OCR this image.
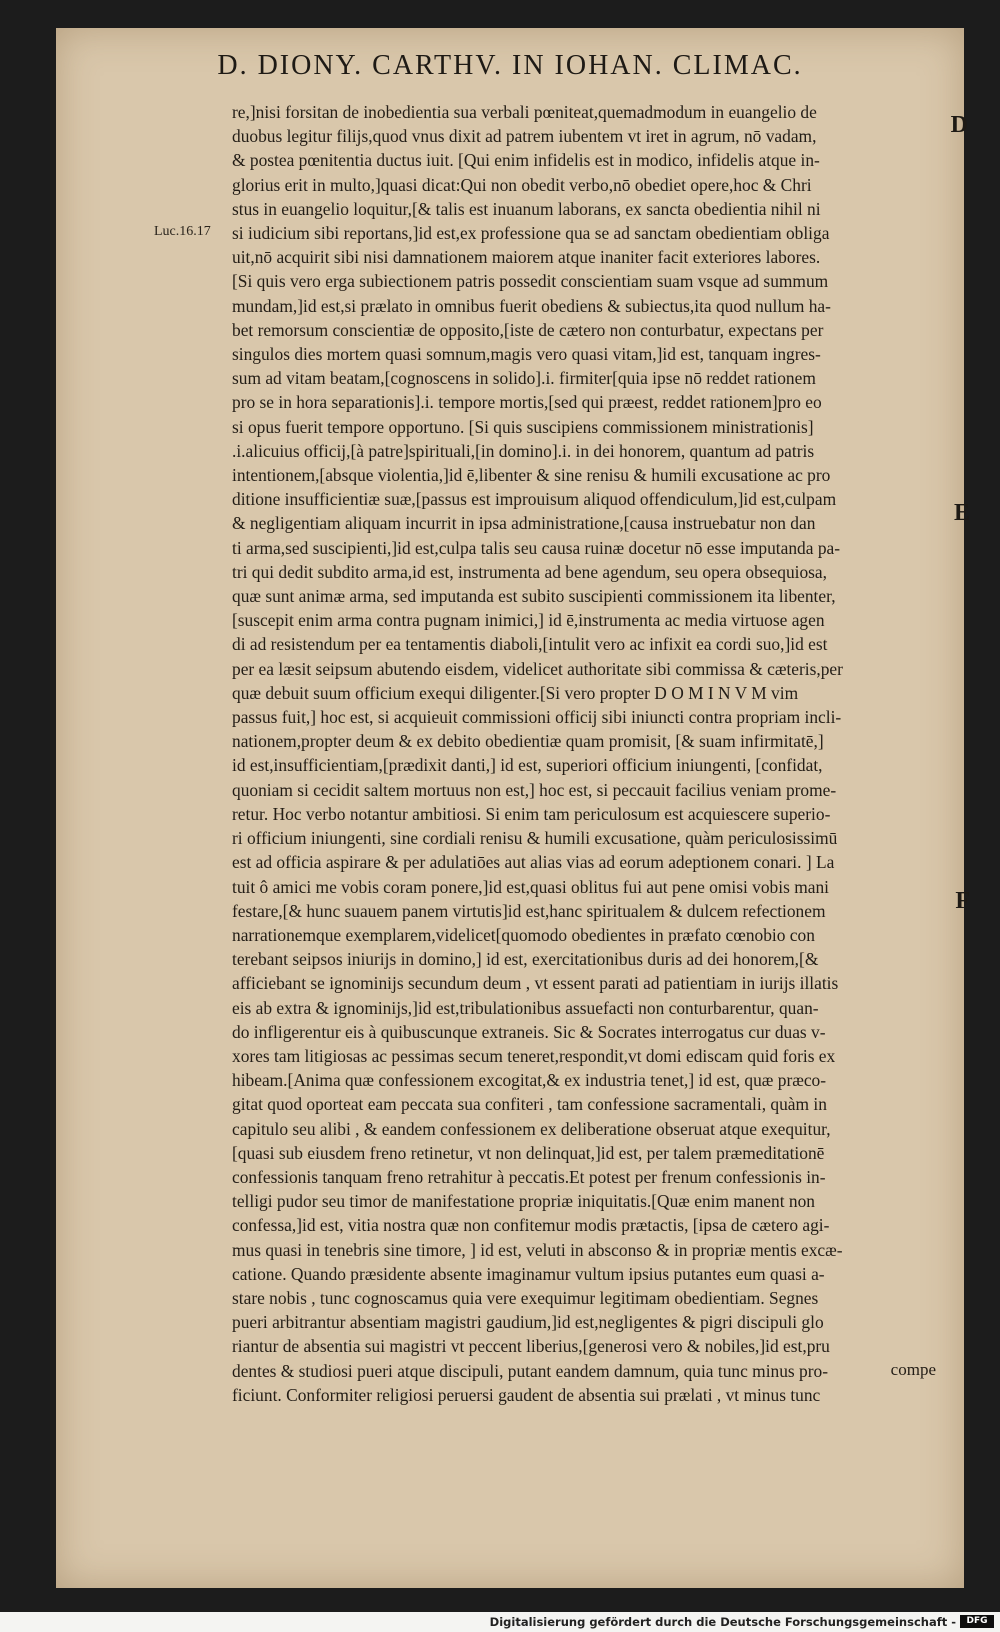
D. DIONY. CARTHV. IN IOHAN. CLIMAC.
Luc.16.17
re,]nisi forsitan de inobedientia sua verbali pœniteat,quemadmodum in euangelio de
duobus legitur filijs,quod vnus dixit ad patrem iubentem vt iret in agrum, nō vadam,
& postea pœnitentia ductus iuit. [Qui enim infidelis est in modico, infidelis atque in-
glorius erit in multo,]quasi dicat:Qui non obedit verbo,nō obediet opere,hoc & Chri
stus in euangelio loquitur,[& talis est inuanum laborans, ex sancta obedientia nihil ni
si iudicium sibi reportans,]id est,ex professione qua se ad sanctam obedientiam obliga
uit,nō acquirit sibi nisi damnationem maiorem atque inaniter facit exteriores labores.
[Si quis vero erga subiectionem patris possedit conscientiam suam vsque ad summum
mundam,]id est,si prælato in omnibus fuerit obediens & subiectus,ita quod nullum ha-
bet remorsum conscientiæ de opposito,[iste de cætero non conturbatur, expectans per
singulos dies mortem quasi somnum,magis vero quasi vitam,]id est, tanquam ingres-
sum ad vitam beatam,[cognoscens in solido].i. firmiter[quia ipse nō reddet rationem
pro se in hora separationis].i. tempore mortis,[sed qui præest, reddet rationem]pro eo
si opus fuerit tempore opportuno. [Si quis suscipiens commissionem ministrationis]
.i.alicuius officij,[à patre]spirituali,[in domino].i. in dei honorem, quantum ad patris
intentionem,[absque violentia,]id ē,libenter & sine renisu & humili excusatione ac pro
ditione insufficientiæ suæ,[passus est improuisum aliquod offendiculum,]id est,culpam
& negligentiam aliquam incurrit in ipsa administratione,[causa instruebatur non dan
ti arma,sed suscipienti,]id est,culpa talis seu causa ruinæ docetur nō esse imputanda pa-
tri qui dedit subdito arma,id est, instrumenta ad bene agendum, seu opera obsequiosa,
quæ sunt animæ arma, sed imputanda est subito suscipienti commissionem ita libenter,
[suscepit enim arma contra pugnam inimici,] id ē,instrumenta ac media virtuose agen
di ad resistendum per ea tentamentis diaboli,[intulit vero ac infixit ea cordi suo,]id est
per ea læsit seipsum abutendo eisdem, videlicet authoritate sibi commissa & cæteris,per
quæ debuit suum officium exequi diligenter.[Si vero propter D O M I N V M vim
passus fuit,] hoc est, si acquieuit commissioni officij sibi iniuncti contra propriam incli-
nationem,propter deum & ex debito obedientiæ quam promisit, [& suam infirmitatē,]
id est,insufficientiam,[prædixit danti,] id est, superiori officium iniungenti, [confidat,
quoniam si cecidit saltem mortuus non est,] hoc est, si peccauit facilius veniam prome-
retur. Hoc verbo notantur ambitiosi. Si enim tam periculosum est acquiescere superio-
ri officium iniungenti, sine cordiali renisu & humili excusatione, quàm periculosissimū
est ad officia aspirare & per adulatiōes aut alias vias ad eorum adeptionem conari. ] La
tuit ô amici me vobis coram ponere,]id est,quasi oblitus fui aut pene omisi vobis mani
festare,[& hunc suauem panem virtutis]id est,hanc spiritualem & dulcem refectionem
narrationemque exemplarem,videlicet[quomodo obedientes in præfato cœnobio con
terebant seipsos iniurijs in domino,] id est, exercitationibus duris ad dei honorem,[&
afficiebant se ignominijs secundum deum , vt essent parati ad patientiam in iurijs illatis
eis ab extra & ignominijs,]id est,tribulationibus assuefacti non conturbarentur, quan-
do infligerentur eis à quibuscunque extraneis. Sic & Socrates interrogatus cur duas v-
xores tam litigiosas ac pessimas secum teneret,respondit,vt domi ediscam quid foris ex
hibeam.[Anima quæ confessionem excogitat,& ex industria tenet,] id est, quæ præco-
gitat quod oporteat eam peccata sua confiteri , tam confessione sacramentali, quàm in
capitulo seu alibi , & eandem confessionem ex deliberatione obseruat atque exequitur,
[quasi sub eiusdem freno retinetur, vt non delinquat,]id est, per talem præmeditationē
confessionis tanquam freno retrahitur à peccatis.Et potest per frenum confessionis in-
telligi pudor seu timor de manifestatione propriæ iniquitatis.[Quæ enim manent non
confessa,]id est, vitia nostra quæ non confitemur modis prætactis, [ipsa de cætero agi-
mus quasi in tenebris sine timore, ] id est, veluti in absconso & in propriæ mentis excæ-
catione. Quando præsidente absente imaginamur vultum ipsius putantes eum quasi a-
stare nobis , tunc cognoscamus quia vere exequimur legitimam obedientiam. Segnes
pueri arbitrantur absentiam magistri gaudium,]id est,negligentes & pigri discipuli glo
riantur de absentia sui magistri vt peccent liberius,[generosi vero & nobiles,]id est,pru
dentes & studiosi pueri atque discipuli, putant eandem damnum, quia tunc minus pro-
ficiunt. Conformiter religiosi peruersi gaudent de absentia sui prælati , vt minus tunc
D
E
F
compe
Digitalisierung gefördert durch die Deutsche Forschungsgemeinschaft -	DFG
